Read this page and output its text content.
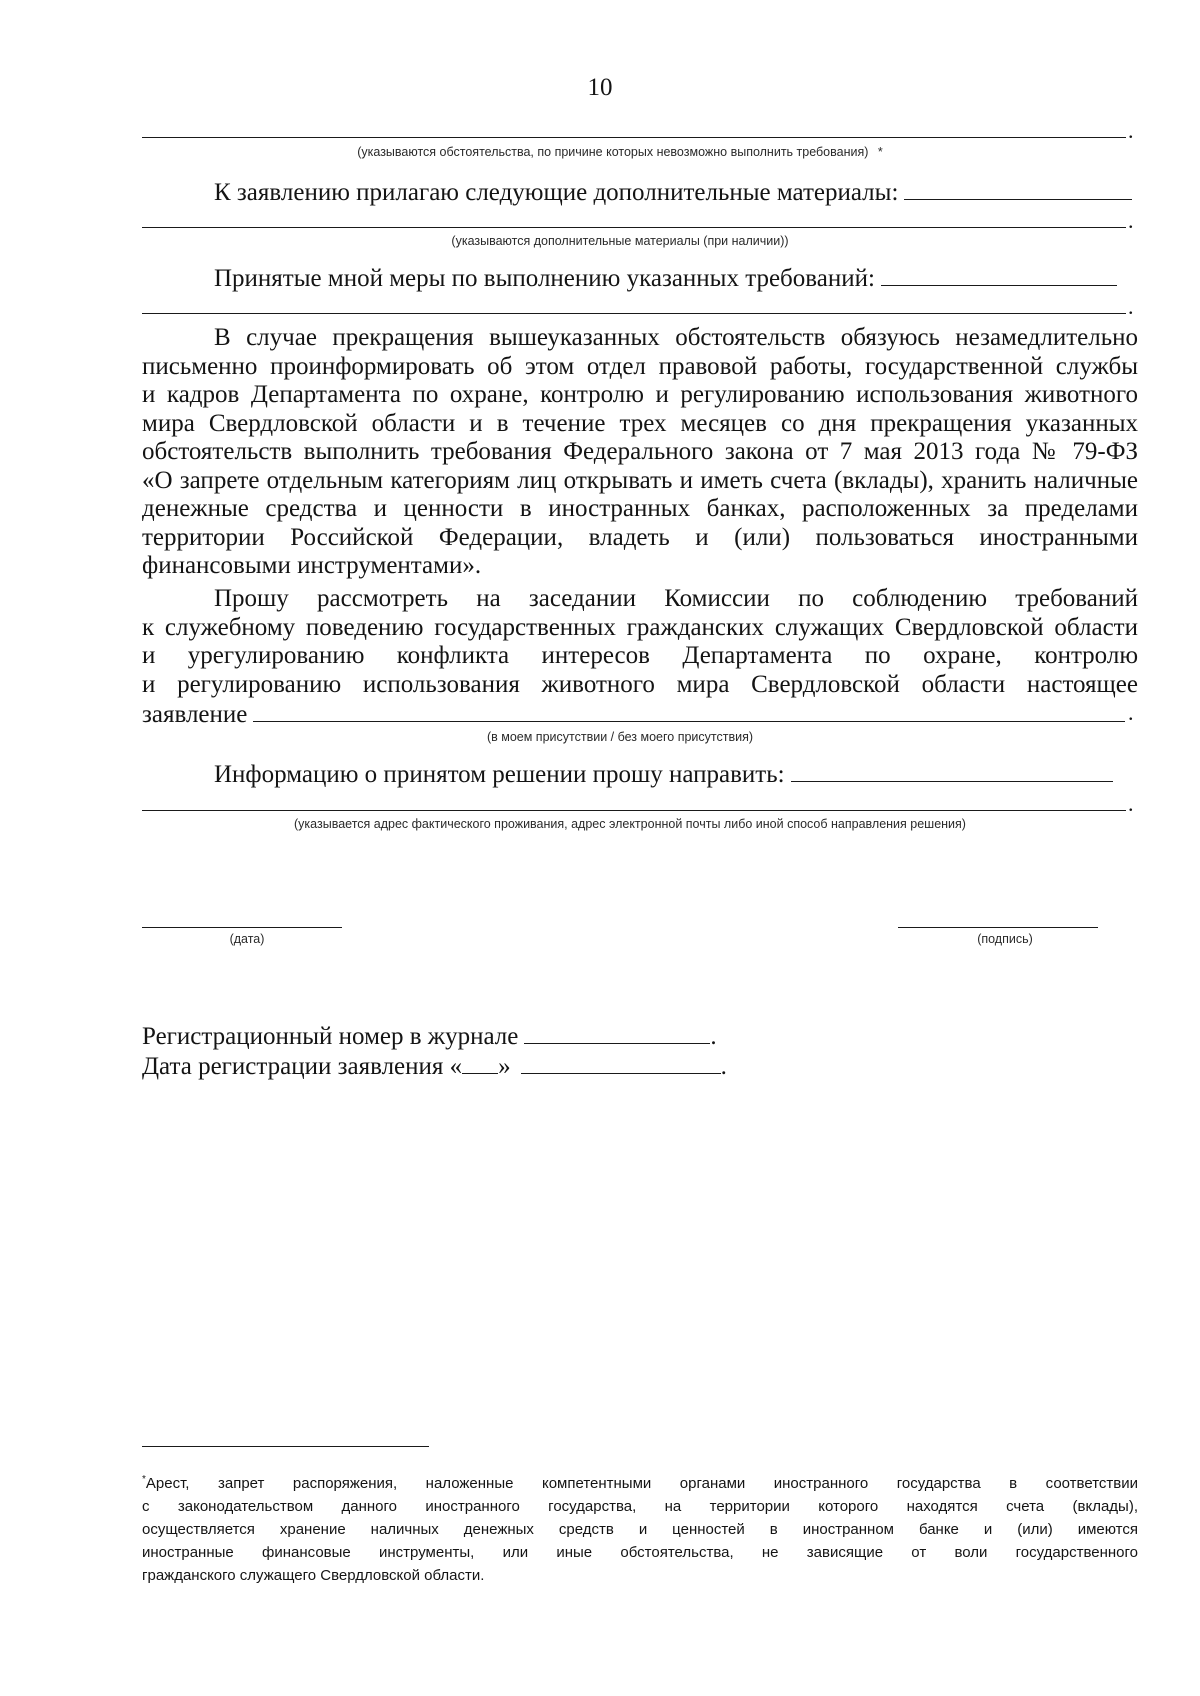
10
.
(указываются обстоятельства, по причине которых невозможно выполнить требования) *
К заявлению прилагаю следующие дополнительные материалы:
.
(указываются дополнительные материалы (при наличии))
Принятые мной меры по выполнению указанных требований:
.
В случае прекращения вышеуказанных обстоятельств обязуюсь незамедлительно
письменно проинформировать об этом отдел правовой работы, государственной службы
и кадров Департамента по охране, контролю и регулированию использования животного
мира Свердловской области и в течение трех месяцев со дня прекращения указанных
обстоятельств выполнить требования Федерального закона от 7 мая 2013 года № 79-ФЗ
«О запрете отдельным категориям лиц открывать и иметь счета (вклады), хранить наличные
денежные средства и ценности в иностранных банках, расположенных за пределами
территории Российской Федерации, владеть и (или) пользоваться иностранными
финансовыми инструментами».
Прошу рассмотреть на заседании Комиссии по соблюдению требований
к служебному поведению государственных гражданских служащих Свердловской области
и урегулированию конфликта интересов Департамента по охране, контролю
и регулированию использования животного мира Свердловской области настоящее
заявление	.
(в моем присутствии / без моего присутствия)
Информацию о принятом решении прошу направить:
.
(указывается адрес фактического проживания, адрес электронной почты либо иной способ направления решения)
(дата)	(подпись)
Регистрационный номер в журнале	.
Дата регистрации заявления « »	.
*Арест, запрет распоряжения, наложенные компетентными органами иностранного государства в соответствии
с законодательством данного иностранного государства, на территории которого находятся счета (вклады),
осуществляется хранение наличных денежных средств и ценностей в иностранном банке и (или) имеются
иностранные финансовые инструменты, или иные обстоятельства, не зависящие от воли государственного
гражданского служащего Свердловской области.
